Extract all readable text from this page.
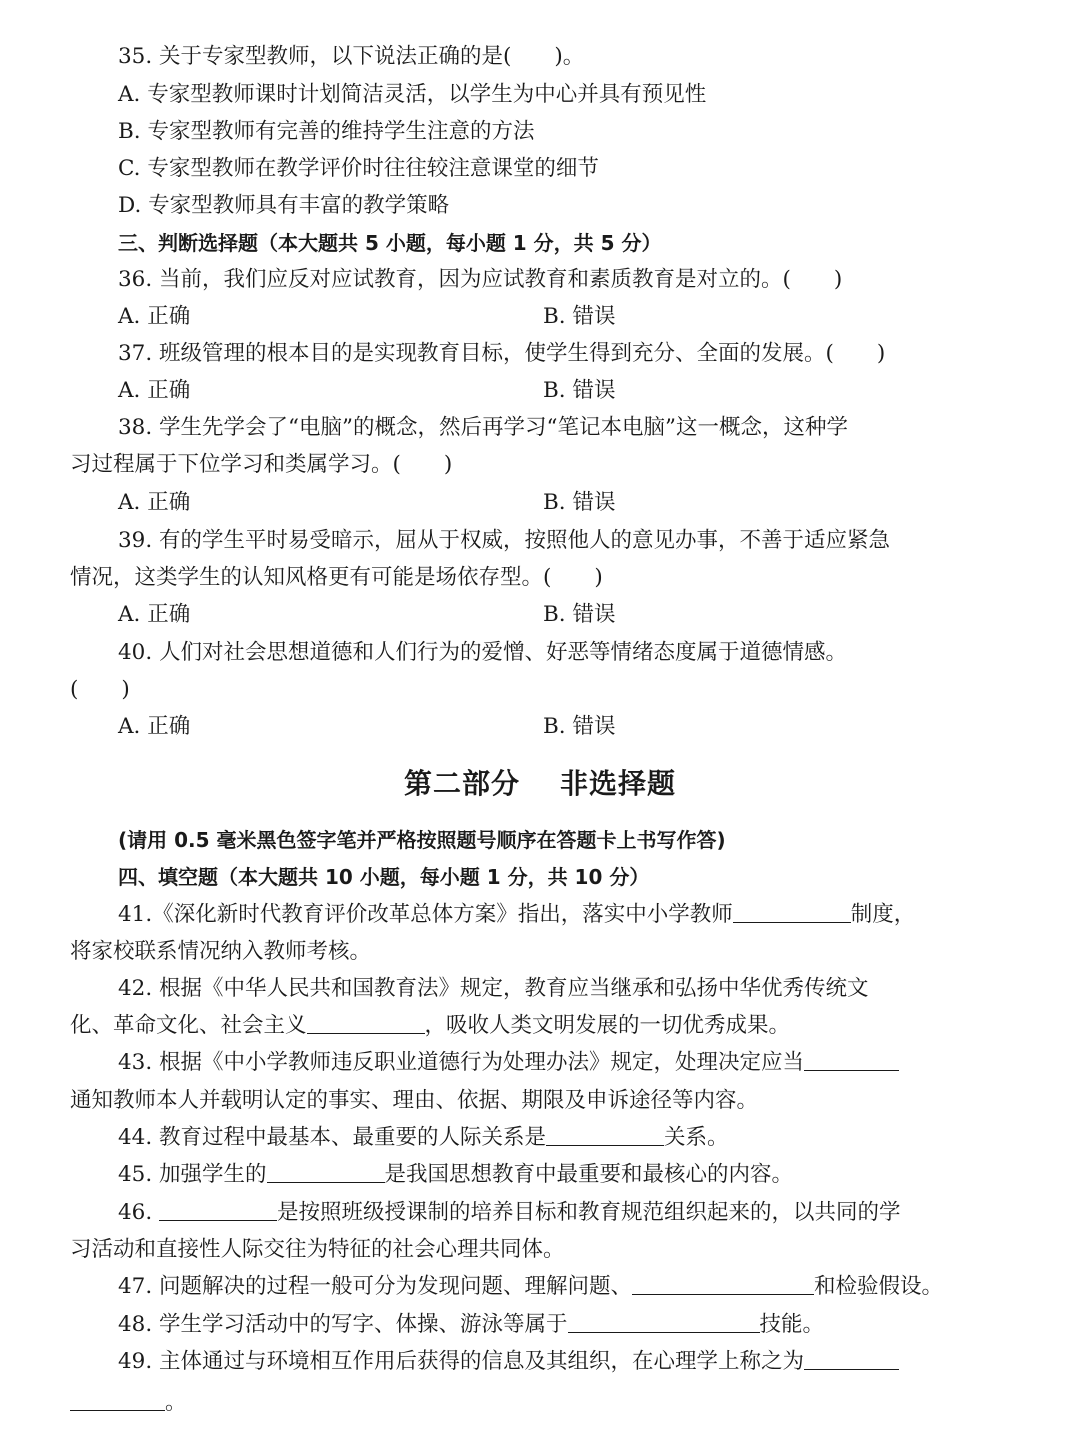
35. 关于专家型教师，以下说法正确的是(　　)。
A. 专家型教师课时计划简洁灵活，以学生为中心并具有预见性
B. 专家型教师有完善的维持学生注意的方法
C. 专家型教师在教学评价时往往较注意课堂的细节
D. 专家型教师具有丰富的教学策略
三、判断选择题（本大题共 5 小题，每小题 1 分，共 5 分）
36. 当前，我们应反对应试教育，因为应试教育和素质教育是对立的。(　　)
A. 正确	B. 错误
37. 班级管理的根本目的是实现教育目标，使学生得到充分、全面的发展。(　　)
A. 正确	B. 错误
38. 学生先学会了“电脑”的概念，然后再学习“笔记本电脑”这一概念，这种学
习过程属于下位学习和类属学习。(　　)
A. 正确	B. 错误
39. 有的学生平时易受暗示，屈从于权威，按照他人的意见办事，不善于适应紧急
情况，这类学生的认知风格更有可能是场依存型。(　　)
A. 正确	B. 错误
40. 人们对社会思想道德和人们行为的爱憎、好恶等情绪态度属于道德情感。
(　　)
A. 正确	B. 错误
第二部分 非选择题
(请用 0.5 毫米黑色签字笔并严格按照题号顺序在答题卡上书写作答)
四、填空题（本大题共 10 小题，每小题 1 分，共 10 分）
41.《深化新时代教育评价改革总体方案》指出，落实中小学教师	制度，
将家校联系情况纳入教师考核。
42. 根据《中华人民共和国教育法》规定，教育应当继承和弘扬中华优秀传统文
化、革命文化、社会主义	，吸收人类文明发展的一切优秀成果。
43. 根据《中小学教师违反职业道德行为处理办法》规定，处理决定应当
通知教师本人并载明认定的事实、理由、依据、期限及申诉途径等内容。
44. 教育过程中最基本、最重要的人际关系是	关系。
45. 加强学生的	是我国思想教育中最重要和最核心的内容。
46.	是按照班级授课制的培养目标和教育规范组织起来的，以共同的学
习活动和直接性人际交往为特征的社会心理共同体。
47. 问题解决的过程一般可分为发现问题、理解问题、	和检验假设。
48. 学生学习活动中的写字、体操、游泳等属于	技能。
49. 主体通过与环境相互作用后获得的信息及其组织，在心理学上称之为
。
